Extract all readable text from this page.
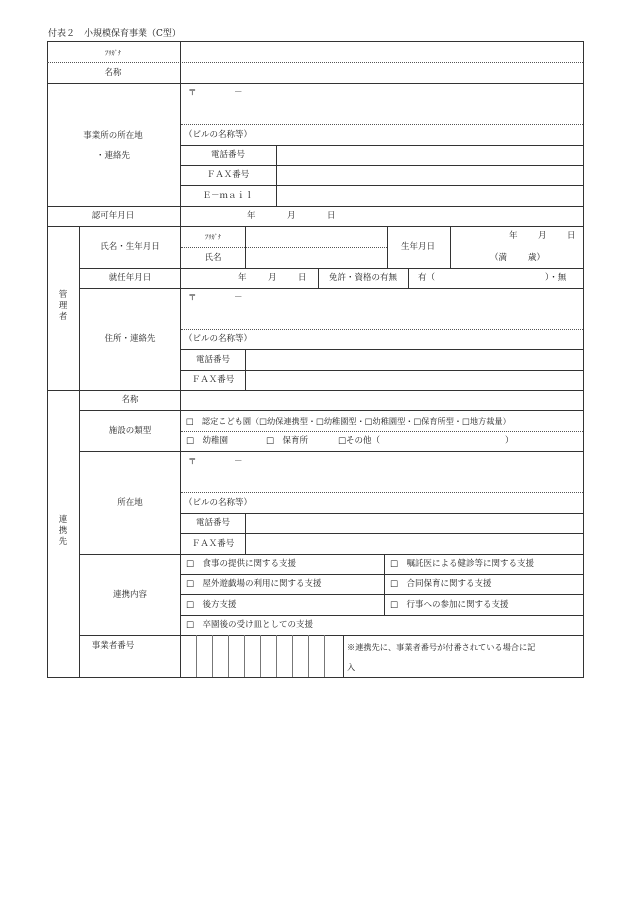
付表２　小規模保育事業（C型）
ﾌﾘｶﾞﾅ
名称
事業所の所在地
・連絡先
〒	－
（ビルの名称等）
電話番号
ＦＡＸ番号
Ｅ－ｍａｉｌ
認可年月日	年	月	日
管理者
氏名・生年月日
ﾌﾘｶﾞﾅ
氏名
生年月日
年 月 日
（満 歳）
就任年月日	年	月	日	免許・資格の有無 有（	）・無
住所・連絡先
〒	－
（ビルの名称等）
電話番号
ＦＡＸ番号
連携先
名称
施設の類型
□　認定こども園（□幼保連携型・□幼稚園型・□幼稚園型・□保育所型・□地方裁量）
□　幼稚園	□　保育所	□その他（	）
所在地
〒	－
（ビルの名称等）
電話番号
ＦＡＸ番号
連携内容
□　食事の提供に関する支援	□　嘱託医による健診等に関する支援
□　屋外遊戯場の利用に関する支援	□　合同保育に関する支援
□　後方支援	□　行事への参加に関する支援
□　卒園後の受け皿としての支援
事業者番号	※連携先に、事業者番号が付番されている場合に記
入
